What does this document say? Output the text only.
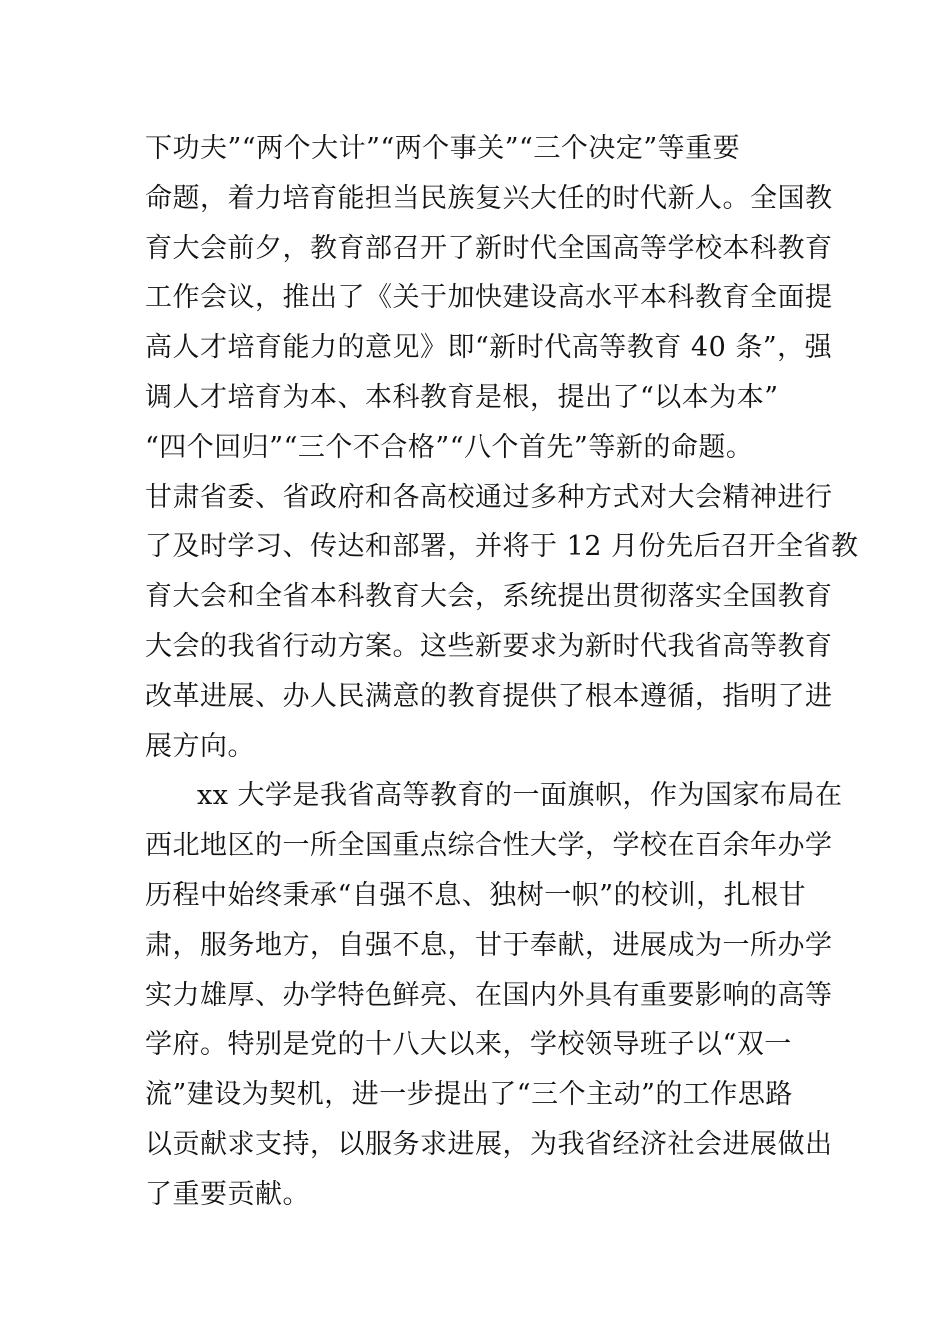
下功夫”“两个大计”“两个事关”“三个决定”等重要
命题，着力培育能担当民族复兴大任的时代新人。全国教
育大会前夕，教育部召开了新时代全国高等学校本科教育
工作会议，推出了《关于加快建设高水平本科教育全面提
高人才培育能力的意见》即“新时代高等教育 40 条”，强
调人才培育为本、本科教育是根，提出了“以本为本”
“四个回归”“三个不合格”“八个首先”等新的命题。
甘肃省委、省政府和各高校通过多种方式对大会精神进行
了及时学习、传达和部署，并将于 12 月份先后召开全省教
育大会和全省本科教育大会，系统提出贯彻落实全国教育
大会的我省行动方案。这些新要求为新时代我省高等教育
改革进展、办人民满意的教育提供了根本遵循，指明了进
展方向。
xx 大学是我省高等教育的一面旗帜，作为国家布局在
西北地区的一所全国重点综合性大学，学校在百余年办学
历程中始终秉承“自强不息、独树一帜”的校训，扎根甘
肃，服务地方，自强不息，甘于奉献，进展成为一所办学
实力雄厚、办学特色鲜亮、在国内外具有重要影响的高等
学府。特别是党的十八大以来，学校领导班子以“双一
流”建设为契机，进一步提出了“三个主动”的工作思路
以贡献求支持，以服务求进展，为我省经济社会进展做出
了重要贡献。
